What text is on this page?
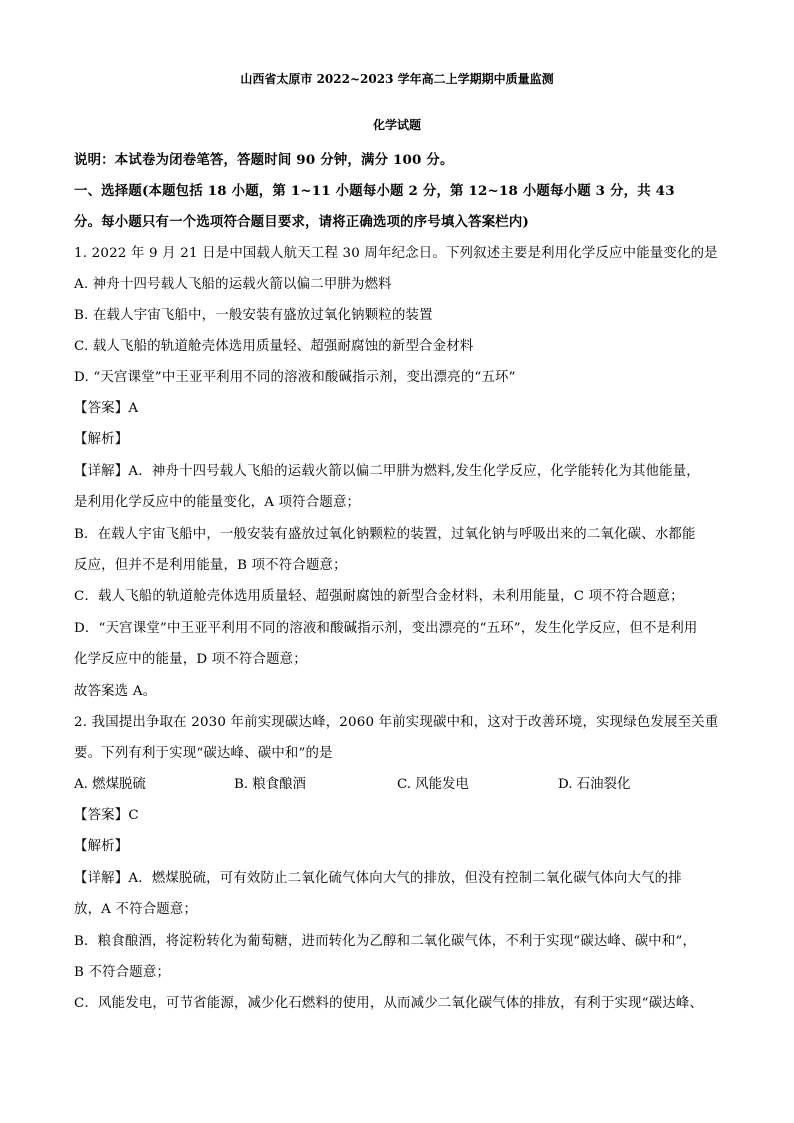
山西省太原市 2022~2023 学年高二上学期期中质量监测
化学试题
说明：本试卷为闭卷笔答，答题时间 90 分钟，满分 100 分。
一、选择题(本题包括 18 小题，第 1~11 小题每小题 2 分，第 12~18 小题每小题 3 分，共 43
分。每小题只有一个选项符合题目要求，请将正确选项的序号填入答案栏内)
1. 2022 年 9 月 21 日是中国载人航天工程 30 周年纪念日。下列叙述主要是利用化学反应中能量变化的是
A. 神舟十四号载人飞船的运载火箭以偏二甲肼为燃料
B. 在载人宇宙飞船中，一般安装有盛放过氧化钠颗粒的装置
C. 载人飞船的轨道舱壳体选用质量轻、超强耐腐蚀的新型合金材料
D. “天宫课堂”中王亚平利用不同的溶液和酸碱指示剂，变出漂亮的“五环”
【答案】A
【解析】
【详解】A．神舟十四号载人飞船的运载火箭以偏二甲肼为燃料,发生化学反应，化学能转化为其他能量，
是利用化学反应中的能量变化，A 项符合题意；
B．在载人宇宙飞船中，一般安装有盛放过氧化钠颗粒的装置，过氧化钠与呼吸出来的二氧化碳、水都能
反应，但并不是利用能量，B 项不符合题意；
C．载人飞船的轨道舱壳体选用质量轻、超强耐腐蚀的新型合金材料，未利用能量，C 项不符合题意；
D．“天宫课堂”中王亚平利用不同的溶液和酸碱指示剂，变出漂亮的“五环”，发生化学反应，但不是利用
化学反应中的能量，D 项不符合题意；
故答案选 A。
2. 我国提出争取在 2030 年前实现碳达峰，2060 年前实现碳中和，这对于改善环境，实现绿色发展至关重
要。下列有利于实现“碳达峰、碳中和”的是
A. 燃煤脱硫	B. 粮食酿酒	C. 风能发电	D. 石油裂化
【答案】C
【解析】
【详解】A．燃煤脱硫，可有效防止二氧化硫气体向大气的排放，但没有控制二氧化碳气体向大气的排
放，A 不符合题意；
B．粮食酿酒，将淀粉转化为葡萄糖，进而转化为乙醇和二氧化碳气体，不利于实现“碳达峰、碳中和”，
B 不符合题意；
C．风能发电，可节省能源，减少化石燃料的使用，从而减少二氧化碳气体的排放，有利于实现“碳达峰、
